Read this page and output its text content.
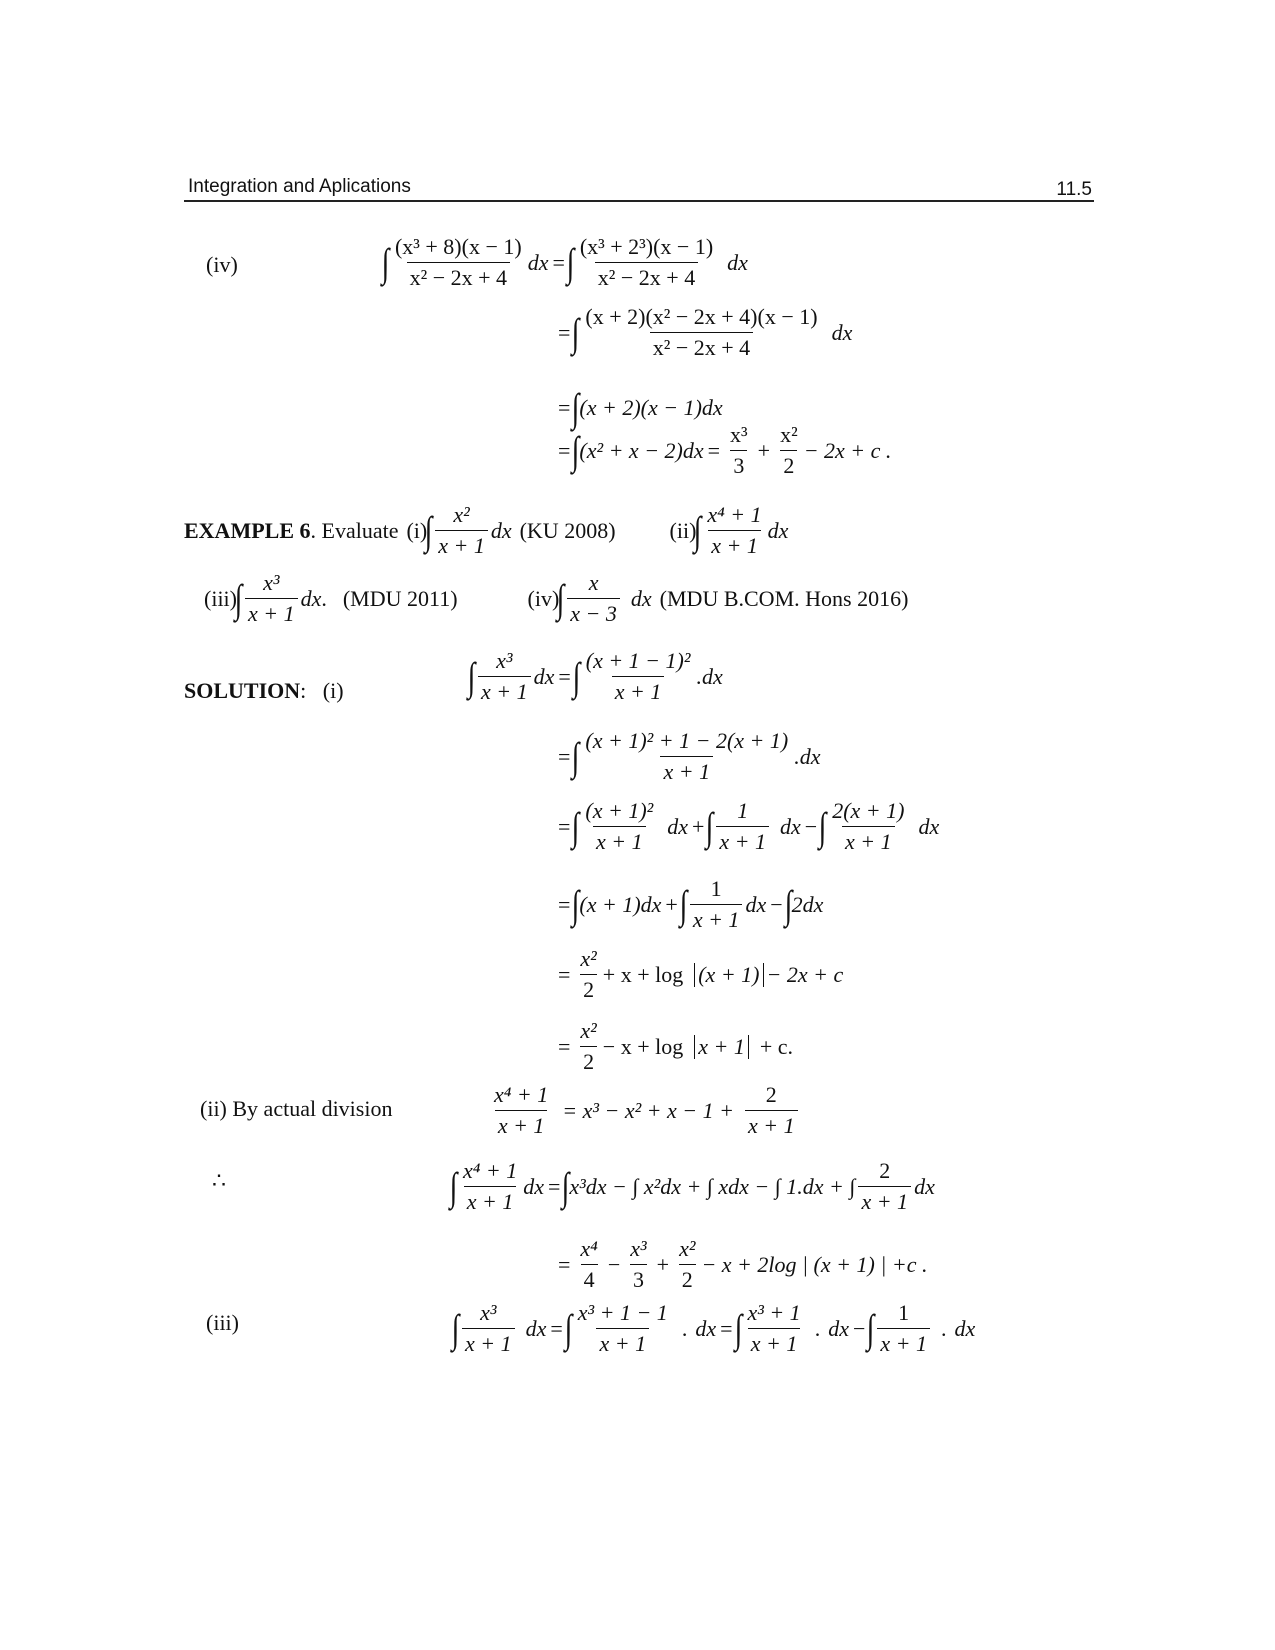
Integration and Aplications	11.5
(iv)	∫ $\frac{\text{(x³ + 8)(x − 1)}}{\text{x² − 2x + 4}}$ dx = ∫ $\frac{\text{(x³ + 2³)(x − 1)}}{\text{x² − 2x + 4}}$ dx
= ∫ $\frac{\text{(x + 2)(x² − 2x + 4)(x − 1)}}{\text{x² − 2x + 4}}$ dx
= ∫ (x + 2)(x − 1)dx
= ∫ $(x^2 + x - 2)dx = \frac{\text{x³}}{3} + \frac{\text{x²}}{2} - 2x + c$ .
EXAMPLE 6 . Evaluate (i)
∫ $\frac{\text{x²}}{x + 1}$ dx (KU 2008) (ii)
∫ $\frac{\text{x⁴ + 1}}{x + 1}$ dx
(iii)
∫ $\frac{\text{x³}}{x + 1}$ dx . (MDU 2011)	(iv)
∫ $\frac{x}{x - 3}$ dx (MDU B.COM. Hons 2016)
SOLUTION:   (i)	∫ $\frac{\text{x³}}{x + 1}$ dx = ∫ $\frac{\text{(x + 1 − 1)²}}{x + 1} .dx$
= ∫ $\frac{\text{(x + 1)² + 1 − 2(x + 1)}}{x + 1} .dx$
= ∫ $\frac{\text{(x + 1)²}}{x + 1}$ dx + ∫ $\frac{1}{x + 1}$ dx − ∫ $\frac{2(x + 1)}{x + 1}$ dx
= ∫ (x + 1)dx + ∫ $\frac{1}{x + 1}$ dx − ∫ 2dx
= $\frac{\text{x²}}{2} + x + \log (x + 1) - 2x + c$
= $\frac{\text{x²}}{2} - x + \log x + 1 + c$.
(ii) By actual division	$\frac{\text{x⁴ + 1}}{x + 1} = x^3 - x^2 + x - 1 + \frac{2}{x + 1}$
∴	∫ $\frac{\text{x⁴ + 1}}{x + 1}$ dx = ∫ x³dx − ∫ x²dx + ∫ xdx − ∫ 1.dx + ∫ $\frac{2}{x + 1}$ dx
= $\frac{\text{x⁴}}{4} - \frac{\text{x³}}{3} + \frac{\text{x²}}{2} - x + 2\log$ | (x + 1) | +c .
(iii)	∫ $\frac{\text{x³}}{x + 1}$ dx = ∫ $\frac{\text{x³ + 1 − 1}}{x + 1}$ . dx = ∫ $\frac{\text{x³ + 1}}{x + 1}$ . dx − ∫ $\frac{1}{x + 1}$ . dx
